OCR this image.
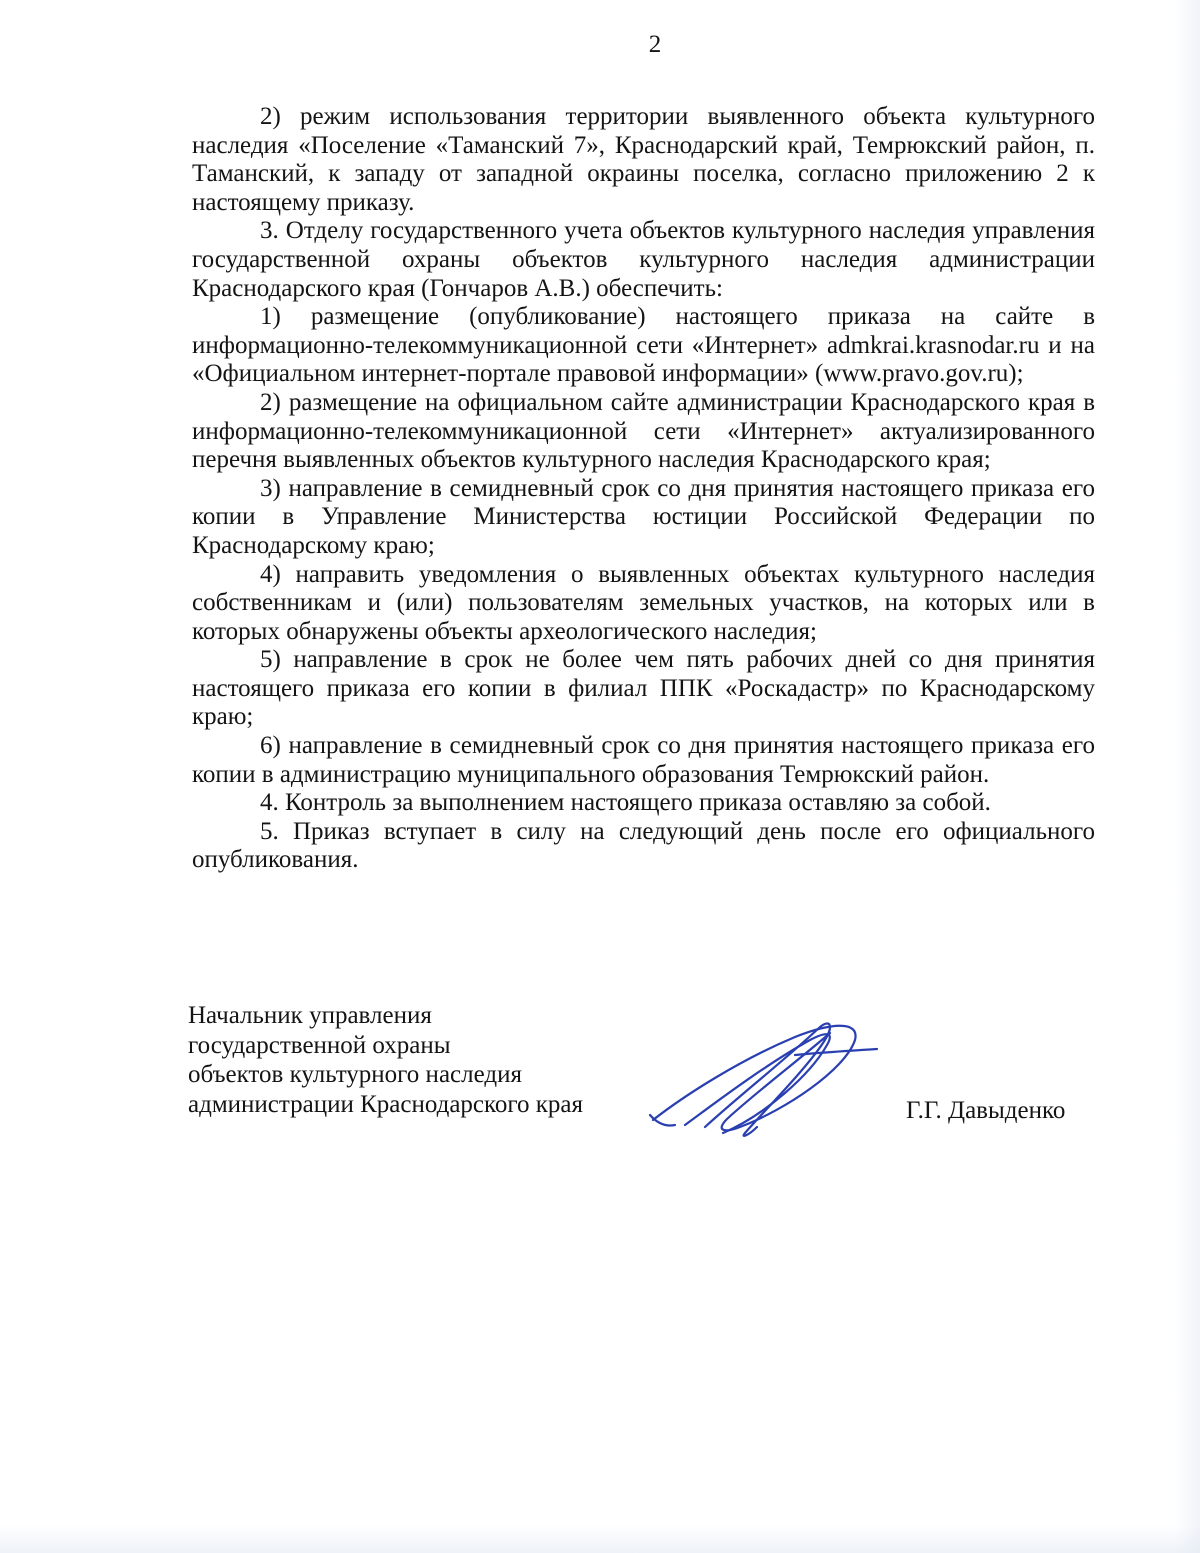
2

2) режим использования территории выявленного объекта культурного наследия «Поселение «Таманский 7», Краснодарский край, Темрюкский район, п. Таманский, к западу от западной окраины поселка, согласно приложению 2 к настоящему приказу.

3. Отделу государственного учета объектов культурного наследия управления государственной охраны объектов культурного наследия администрации Краснодарского края (Гончаров А.В.) обеспечить:

1) размещение (опубликование) настоящего приказа на сайте в информационно-телекоммуникационной сети «Интернет» admkrai.krasnodar.ru и на «Официальном интернет-портале правовой информации» (www.pravo.gov.ru);

2) размещение на официальном сайте администрации Краснодарского края в информационно-телекоммуникационной сети «Интернет» актуализированного перечня выявленных объектов культурного наследия Краснодарского края;

3) направление в семидневный срок со дня принятия настоящего приказа его копии в Управление Министерства юстиции Российской Федерации по Краснодарскому краю;

4) направить уведомления о выявленных объектах культурного наследия собственникам и (или) пользователям земельных участков, на которых или в которых обнаружены объекты археологического наследия;

5) направление в срок не более чем пять рабочих дней со дня принятия настоящего приказа его копии в филиал ППК «Роскадастр» по Краснодарскому краю;

6) направление в семидневный срок со дня принятия настоящего приказа его копии в администрацию муниципального образования Темрюкский район.

4. Контроль за выполнением настоящего приказа оставляю за собой.

5. Приказ вступает в силу на следующий день после его официального опубликования.

Начальник управления
государственной охраны
объектов культурного наследия
администрации Краснодарского края	Г.Г. Давыденко
